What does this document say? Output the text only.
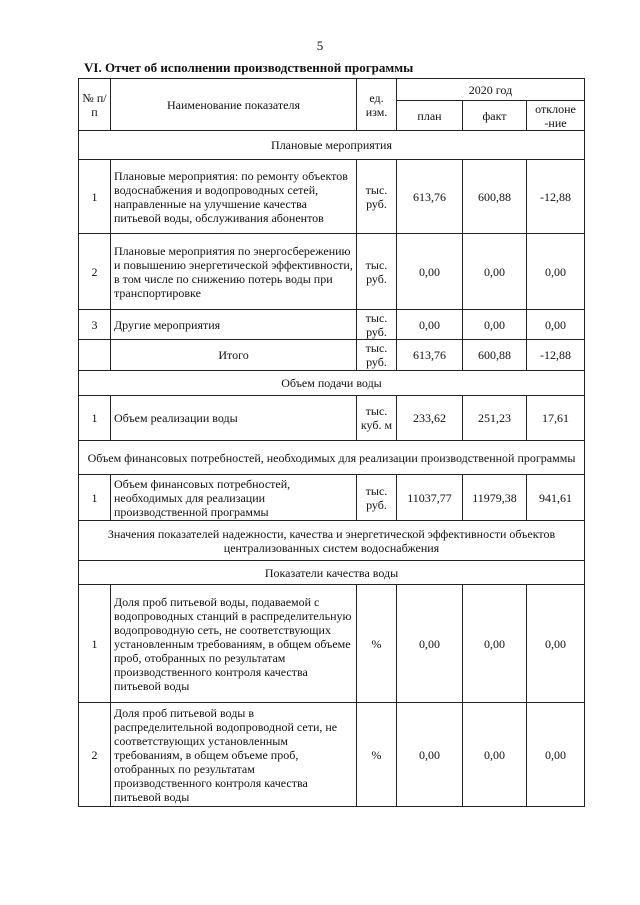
5
VI. Отчет об исполнении производственной программы
№ п/п	Наименование показателя	ед. изм.	2020 год		
			план	факт	отклоне -ние
Плановые мероприятия					
1	Плановые мероприятия: по ремонту объектов водоснабжения и водопроводных сетей, направленные на улучшение качества питьевой воды, обслуживания абонентов	тыс. руб.	613,76	600,88	-12,88
2	Плановые мероприятия по энергосбережению и повышению энергетической эффективности, в том числе по снижению потерь воды при транспортировке	тыс. руб.	0,00	0,00	0,00
3	Другие мероприятия	тыс. руб.	0,00	0,00	0,00
	Итого	тыс. руб.	613,76	600,88	-12,88
Объем подачи воды					
1	Объем реализации воды	тыс. куб. м	233,62	251,23	17,61
Объем финансовых потребностей, необходимых для реализации производственной программы					
1	Объем финансовых потребностей, необходимых для реализации производственной программы	тыс. руб.	11037,77	11979,38	941,61
Значения показателей надежности, качества и энергетической эффективности объектов централизованных систем водоснабжения					
Показатели качества воды					
1	Доля проб питьевой воды, подаваемой с водопроводных станций в распределительную водопроводную сеть, не соответствующих установленным требованиям, в общем объеме проб, отобранных по результатам производственного контроля качества питьевой воды	%	0,00	0,00	0,00
2	Доля проб питьевой воды в распределительной водопроводной сети, не соответствующих установленным требованиям, в общем объеме проб, отобранных по результатам производственного контроля качества питьевой воды	%	0,00	0,00	0,00
